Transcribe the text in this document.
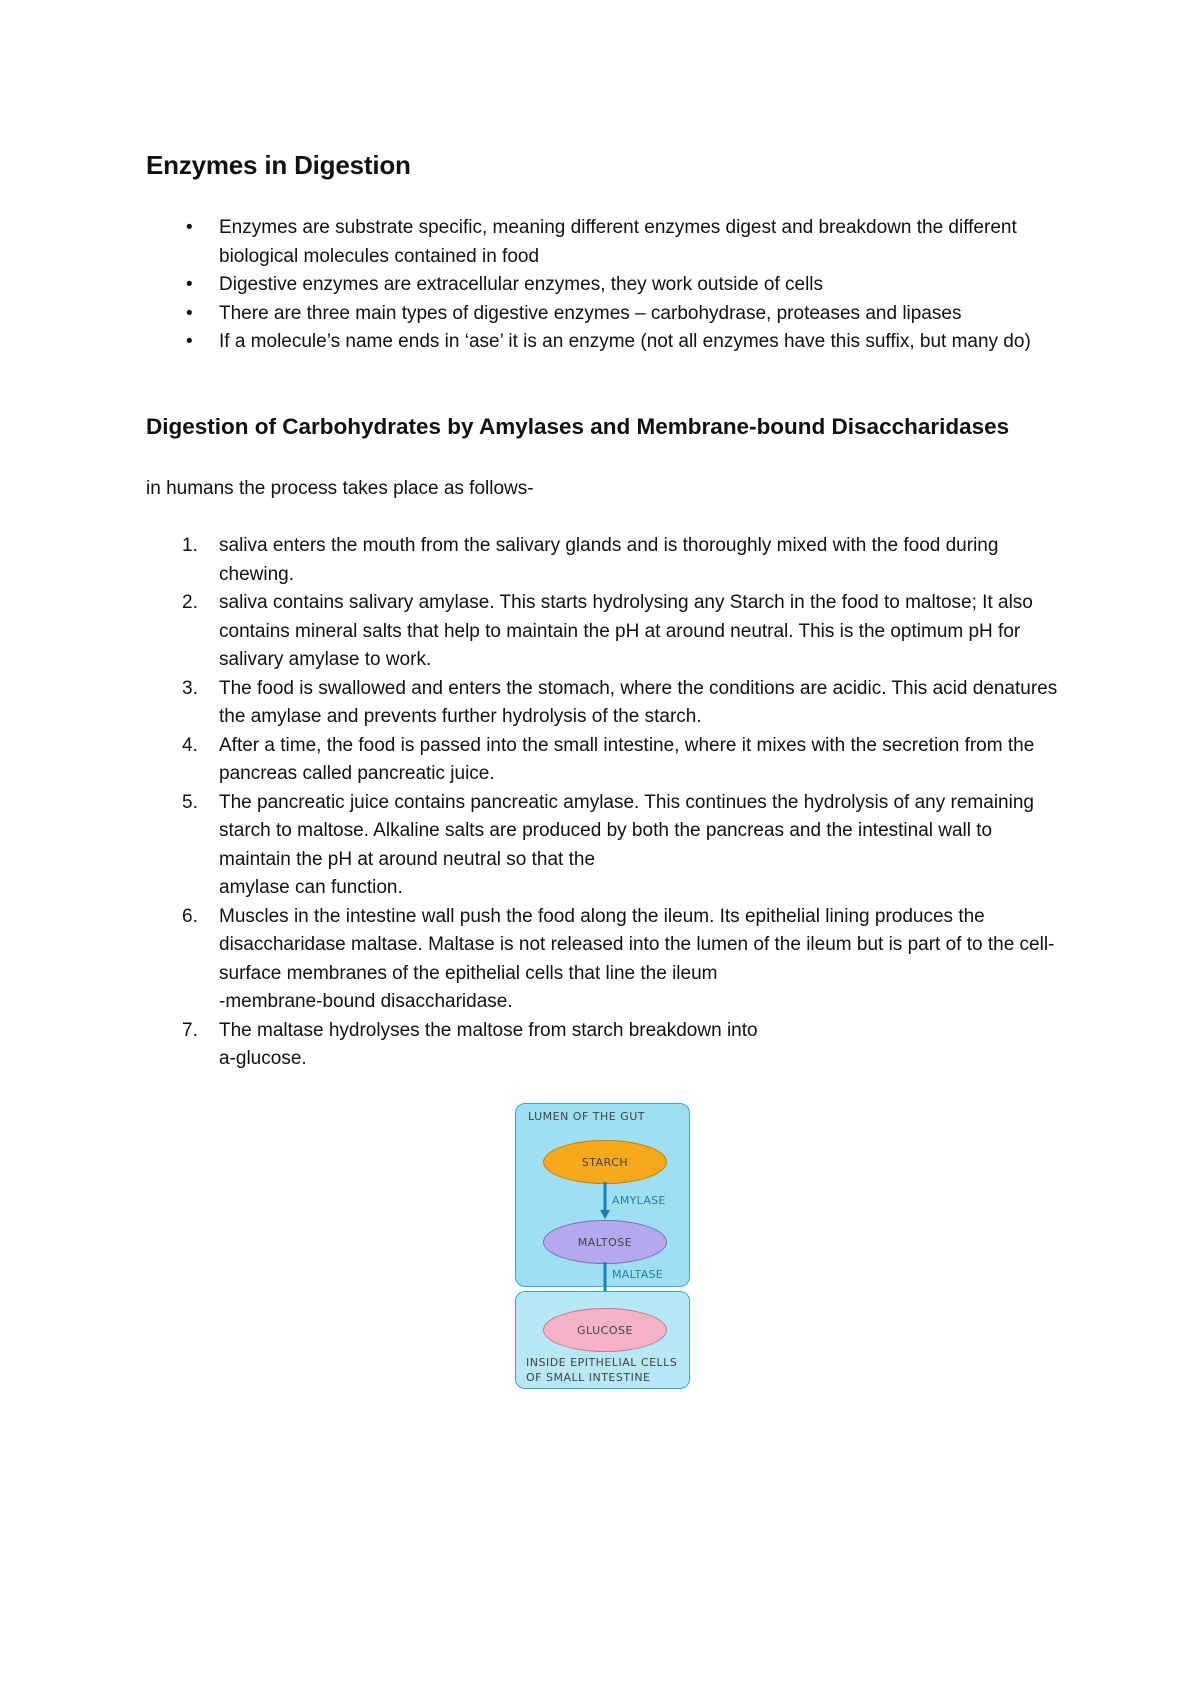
Enzymes in Digestion
• Enzymes are substrate specific, meaning different enzymes digest and breakdown the different biological molecules contained in food
• Digestive enzymes are extracellular enzymes, they work outside of cells
• There are three main types of digestive enzymes – carbohydrase, proteases and lipases
• If a molecule’s name ends in ‘ase’ it is an enzyme (not all enzymes have this suffix, but many do)
Digestion of Carbohydrates by Amylases and Membrane-bound Disaccharidases

in humans the process takes place as follows-

1. saliva enters the mouth from the salivary glands and is thoroughly mixed with the food during chewing.
2. saliva contains salivary amylase. This starts hydrolysing any Starch in the food to maltose; It also contains mineral salts that help to maintain the pH at around neutral. This is the optimum pH for salivary amylase to work.
3. The food is swallowed and enters the stomach, where the conditions are acidic. This acid denatures the amylase and prevents further hydrolysis of the starch.
4. After a time, the food is passed into the small intestine, where it mixes with the secretion from the pancreas called pancreatic juice.
5. The pancreatic juice contains pancreatic amylase. This continues the hydrolysis of any remaining starch to maltose. Alkaline salts are produced by both the pancreas and the intestinal wall to maintain the pH at around neutral so that the
amylase can function.
6. Muscles in the intestine wall push the food along the ileum. Its epithelial lining produces the disaccharidase maltase. Maltase is not released into the lumen of the ileum but is part of to the cell-surface membranes of the epithelial cells that line the ileum
-membrane-bound disaccharidase.
7. The maltase hydrolyses the maltose from starch breakdown into
a-glucose.
LUMEN OF THE GUT
STARCH
AMYLASE
MALTOSE
MALTASE
GLUCOSE
INSIDE EPITHELIAL CELLS
OF SMALL INTESTINE
